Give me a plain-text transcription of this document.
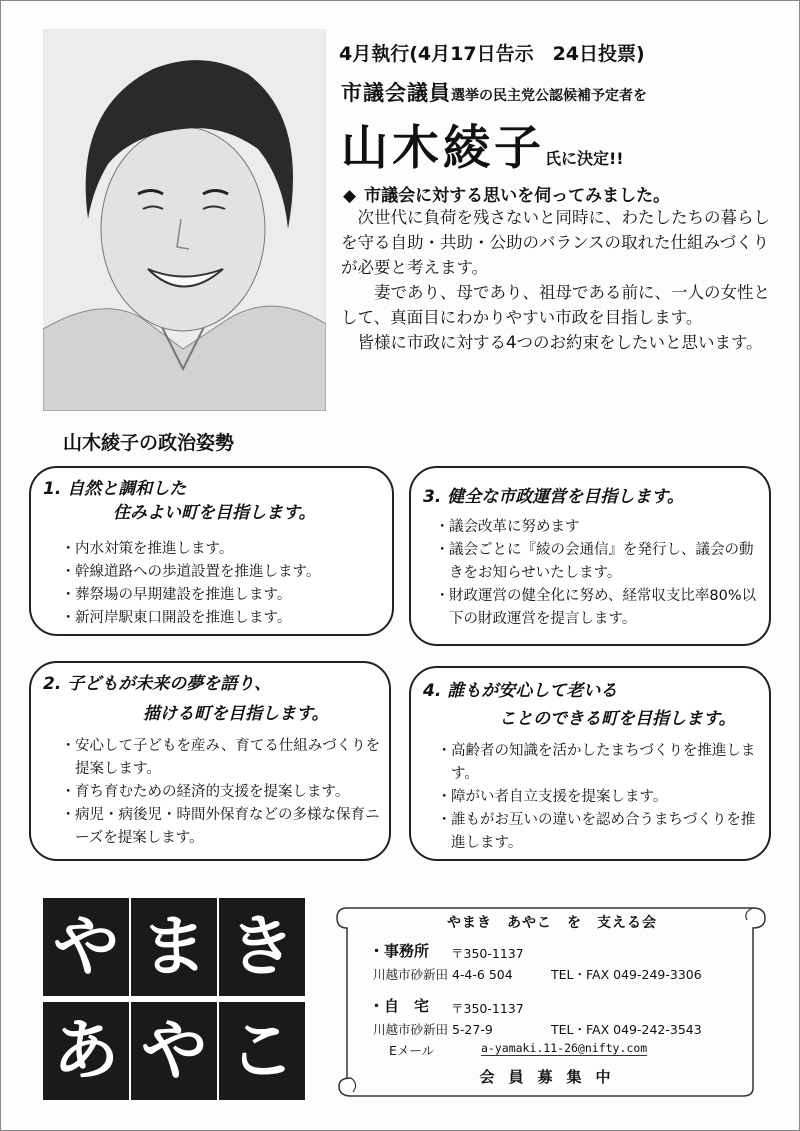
4月執行(4月17日告示　24日投票)
市議会議員選挙の民主党公認候補予定者を
山木綾子氏に決定!!
◆ 市議会に対する思いを伺ってみました。

次世代に負荷を残さないと同時に、わたしたちの暮らしを守る自助・共助・公助のバランスの取れた仕組みづくりが必要と考えます。

妻であり、母であり、祖母である前に、一人の女性として、真面目にわかりやすい市政を目指します。

皆様に市政に対する4つのお約束をしたいと思います。

山木綾子の政治姿勢
1. 自然と調和した
住みよい町を目指します。
・ 内水対策を推進します。
・ 幹線道路への歩道設置を推進します。
・ 葬祭場の早期建設を推進します。
・ 新河岸駅東口開設を推進します。
3. 健全な市政運営を目指します。
・ 議会改革に努めます
・ 議会ごとに『綾の会通信』を発行し、議会の動きをお知らせいたします。
・ 財政運営の健全化に努め、経常収支比率80%以下の財政運営を提言します。
2. 子どもが未来の夢を語り、
描ける町を目指します。
・ 安心して子どもを産み、育てる仕組みづくりを提案します。
・ 育ち育むための経済的支援を提案します。
・ 病児・病後児・時間外保育などの多様な保育ニーズを提案します。
4. 誰もが安心して老いる
ことのできる町を目指します。
・ 高齢者の知識を活かしたまちづくりを推進します。
・ 障がい者自立支援を提案します。
・ 誰もがお互いの違いを認め合うまちづくりを推進します。
や ま き
あ や こ
やまき　あやこ　を　支える会
・事務所 〒350-1137
川越市砂新田 4-4-6 504	TEL・FAX 049-249-3306
・自　宅 〒350-1137
川越市砂新田 5-27-9	TEL・FAX 049-242-3543
Eメール	a-yamaki.11-26@nifty.com
会員募集中
